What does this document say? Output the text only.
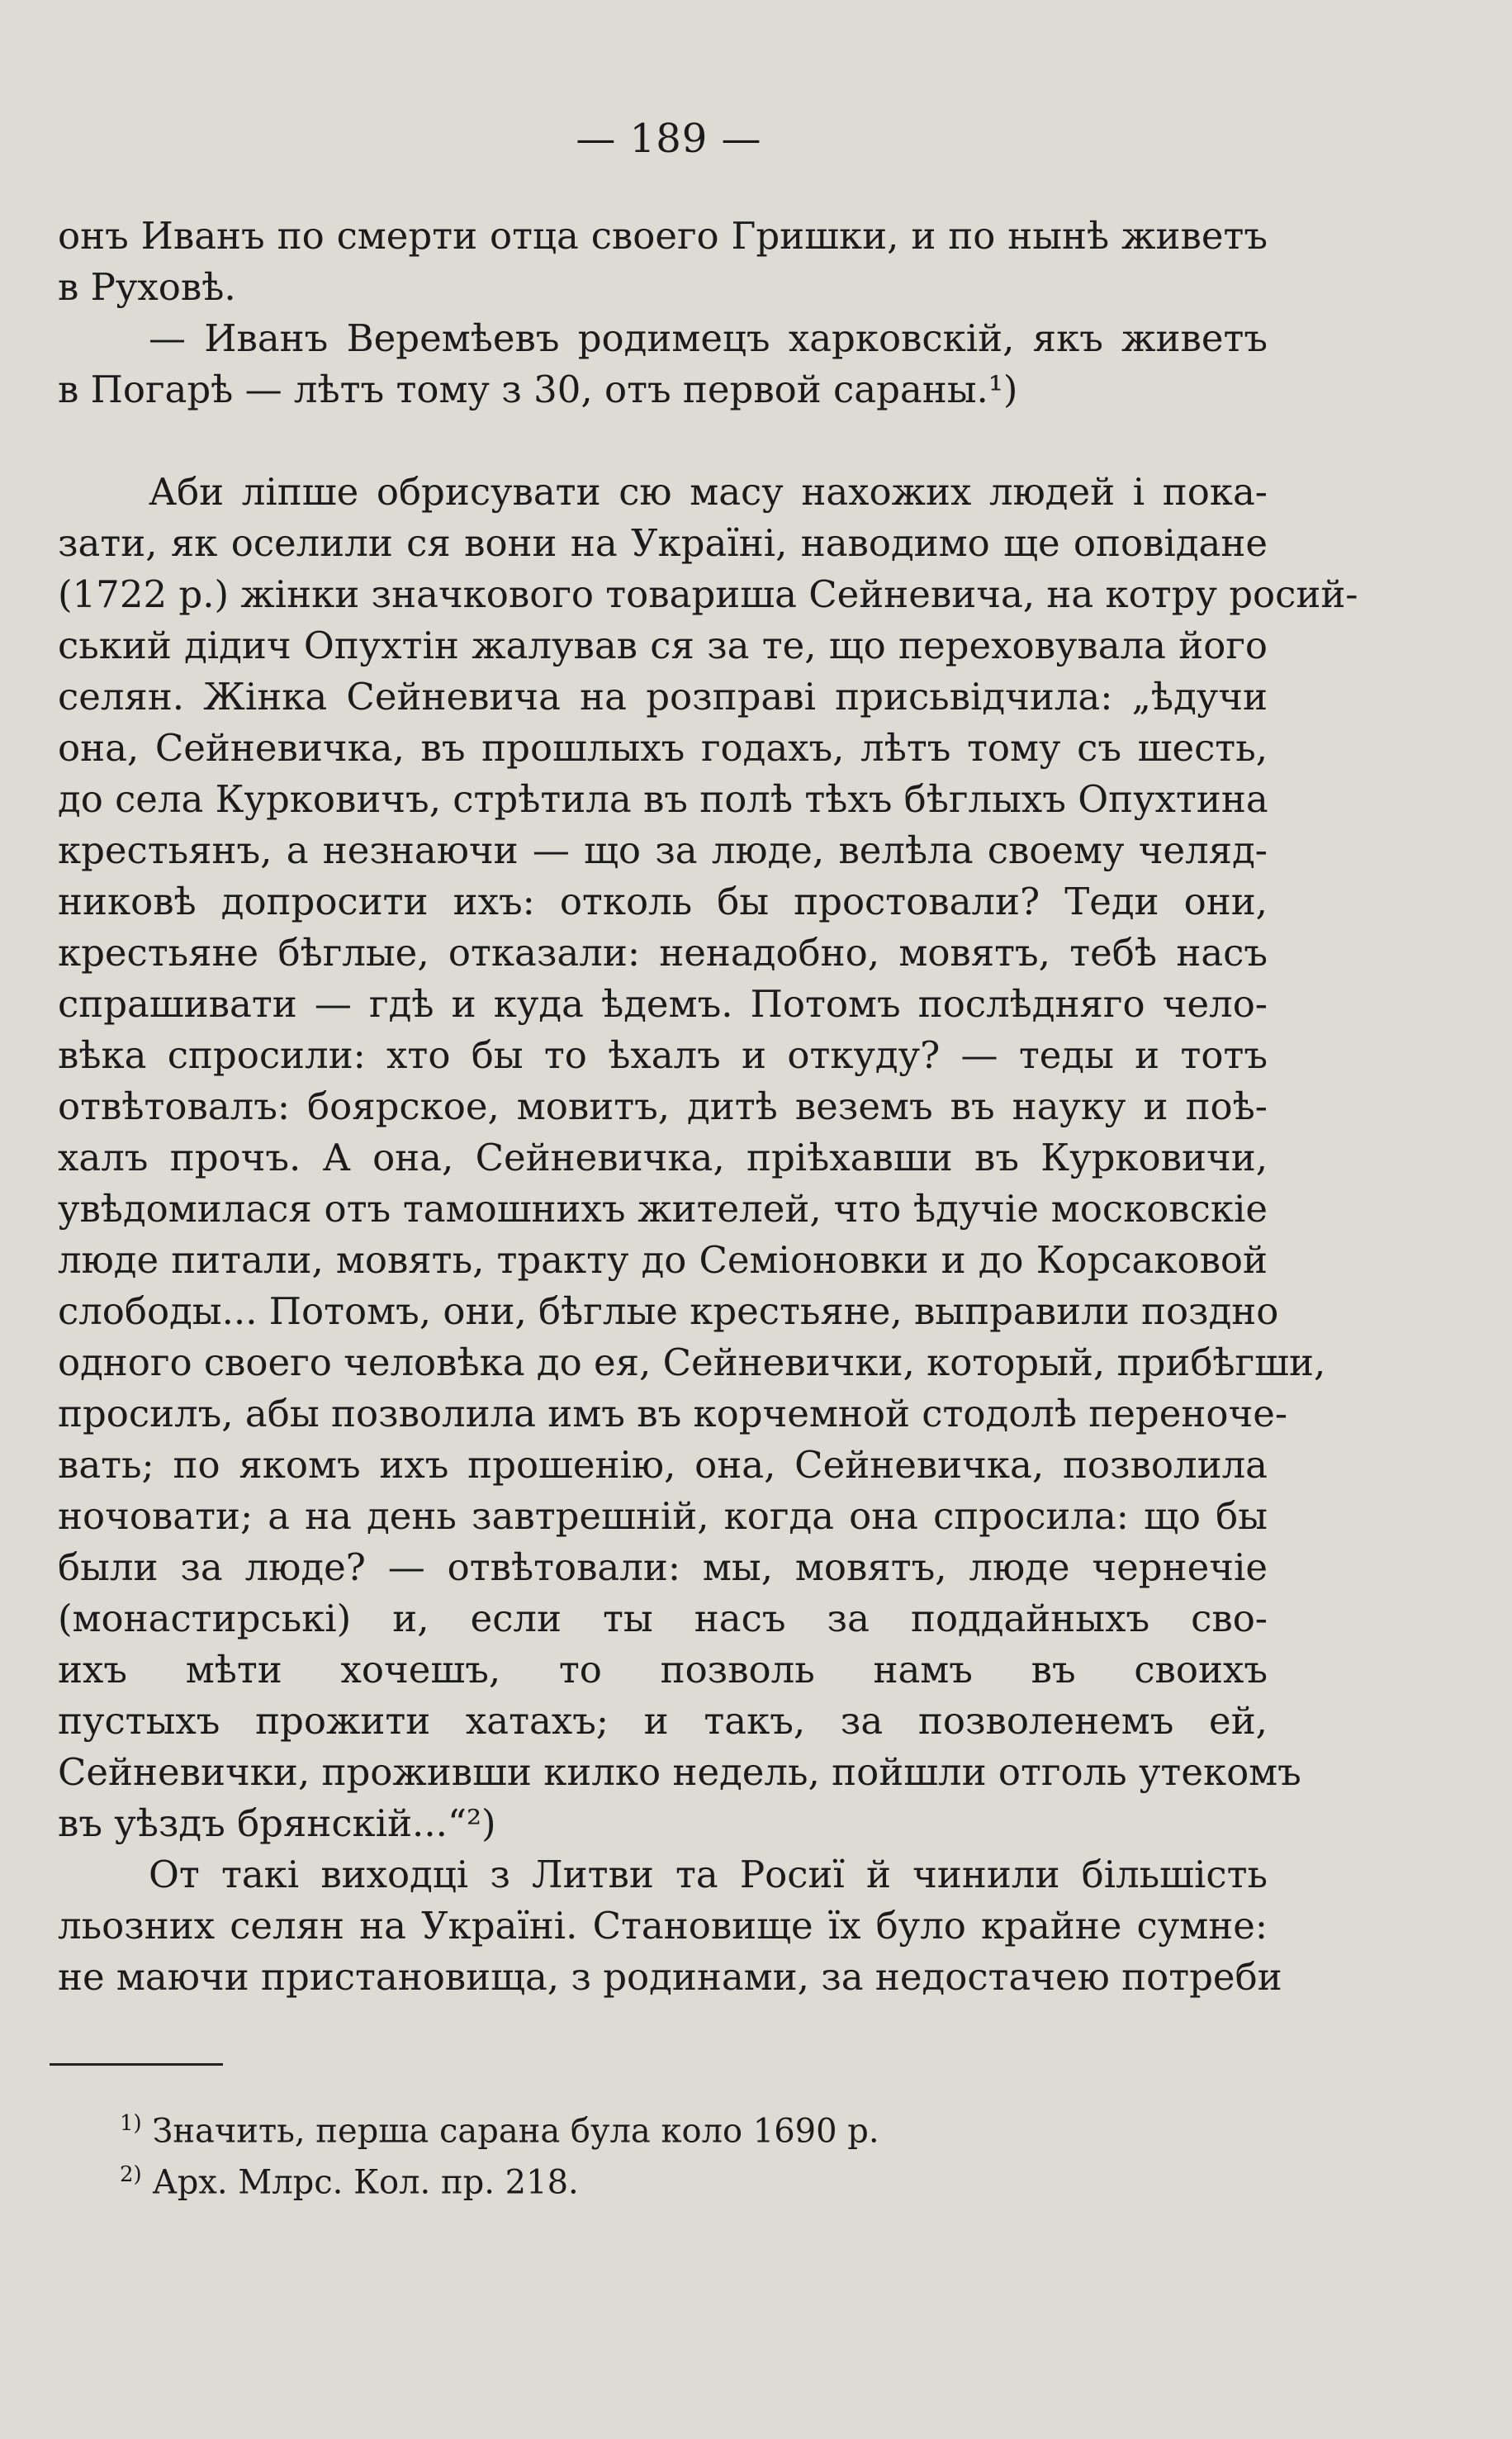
— 189 —
онъ Иванъ по смерти отца своего Гришки, и по нынѣ живетъ
в Руховѣ.
— Иванъ Веремѣевъ родимецъ харковскій, якъ живетъ
в Погарѣ — лѣтъ тому з 30, отъ первой сараны.¹)
Аби ліпше обрисувати сю масу нахожих людей і пока-
зати, як оселили ся вони на Україні, наводимо ще оповідане
(1722 р.) жінки значкового товариша Сейневича, на котру росий-
ський дідич Опухтін жалував ся за те, що переховувала його
селян. Жінка Сейневича на розправі присьвідчила: „ѣдучи
она, Сейневичка, въ прошлыхъ годахъ, лѣтъ тому съ шесть,
до села Курковичъ, стрѣтила въ полѣ тѣхъ бѣглыхъ Опухтина
крестьянъ, а незнаючи — що за люде, велѣла своему челяд-
никовѣ допросити ихъ: отколь бы простовали? Теди они,
крестьяне бѣглые, отказали: ненадобно, мовятъ, тебѣ насъ
спрашивати — гдѣ и куда ѣдемъ. Потомъ послѣдняго чело-
вѣка спросили: хто бы то ѣхалъ и откуду? — теды и тотъ
отвѣтовалъ: боярское, мовитъ, дитѣ веземъ въ науку и поѣ-
халъ прочъ. А она, Сейневичка, пріѣхавши въ Курковичи,
увѣдомилася отъ тамошнихъ жителей, что ѣдучіе московскіе
люде питали, мовять, тракту до Семіоновки и до Корсаковой
слободы... Потомъ, они, бѣглые крестьяне, выправили поздно
одного своего человѣка до ея, Сейневички, который, прибѣгши,
просилъ, абы позволила имъ въ корчемной стодолѣ переночe-
вать; по якомъ ихъ прошенію, она, Сейневичка, позволила
ночовати; а на день завтрешній, когда она спросила: що бы
были за люде? — отвѣтовали: мы, мовятъ, люде чернечіе
(монастирські) и, если ты насъ за поддайныхъ сво-
ихъ мѣти хочешъ, то позволь намъ въ своихъ
пустыхъ прожити хатахъ; и такъ, за позволенемъ ей,
Сейневички, проживши килко недель, пойшли отголь утекомъ
въ уѣздъ брянскій...“²)
От такі виходці з Литви та Росиї й чинили більшість
льозних селян на Україні. Становище їх було крайне сумне:
не маючи пристановища, з родинами, за недостачею потреби
$^{1)}$ Значить, перша сарана була коло 1690 р.
$^{2)}$ Арх. Млрс. Кол. пр. 218.
